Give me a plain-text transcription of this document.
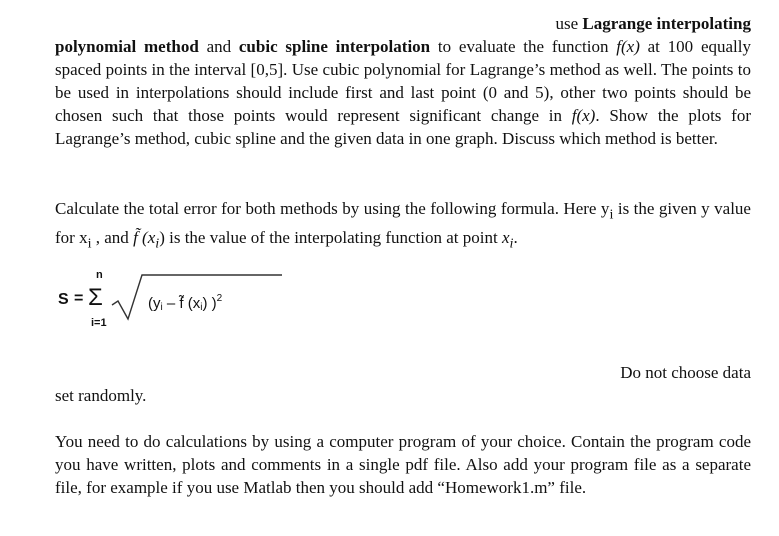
use Lagrange interpolating
polynomial method and cubic spline interpolation to evaluate the function f(x) at 100 equally spaced points in the interval [0,5]. Use cubic polynomial for Lagrange’s method as well. The points to be used in interpolations should include first and last point (0 and 5), other two points should be chosen such that those points would represent significant change in f(x). Show the plots for Lagrange’s method, cubic spline and the given data in one graph. Discuss which method is better.
Calculate the total error for both methods by using the following formula. Here $y_i$ is the given y value for $x_i$ , and f̃ $(x_i)$ is the value of the interpolating function at point $x_i$.
S =
n
Σ
i=1
(yi – f̃ (xi) )$^2$
Do not choose data
set randomly.
You need to do calculations by using a computer program of your choice. Contain the program code you have written, plots and comments in a single pdf file. Also add your program file as a separate file, for example if you use Matlab then you should add “Homework1.m” file.
